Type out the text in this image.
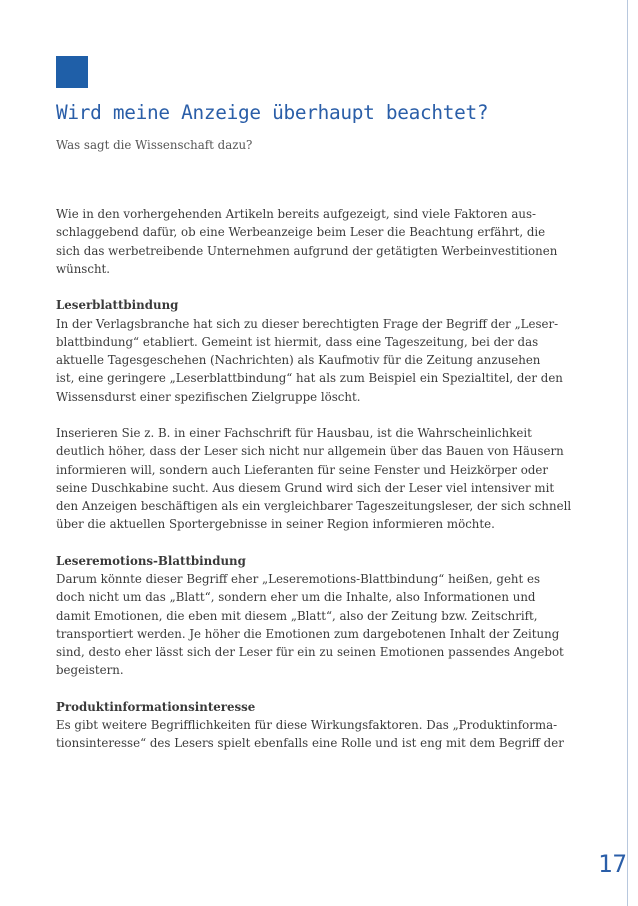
Wird meine Anzeige überhaupt beachtet?
Was sagt die Wissenschaft dazu?
Wie in den vorhergehenden Artikeln bereits aufgezeigt, sind viele Faktoren aus-
schlaggebend dafür, ob eine Werbeanzeige beim Leser die Beachtung erfährt, die
sich das werbetreibende Unternehmen aufgrund der getätigten Werbeinvestitionen
wünscht.
Leserblattbindung
In der Verlagsbranche hat sich zu dieser berechtigten Frage der Begriff der „Leser-
blattbindung“ etabliert. Gemeint ist hiermit, dass eine Tageszeitung, bei der das
aktuelle Tagesgeschehen (Nachrichten) als Kaufmotiv für die Zeitung anzusehen
ist, eine geringere „Leserblattbindung“ hat als zum Beispiel ein Spezialtitel, der den
Wissensdurst einer spezifischen Zielgruppe löscht.
Inserieren Sie z. B. in einer Fachschrift für Hausbau, ist die Wahrscheinlichkeit
deutlich höher, dass der Leser sich nicht nur allgemein über das Bauen von Häusern
informieren will, sondern auch Lieferanten für seine Fenster und Heizkörper oder
seine Duschkabine sucht. Aus diesem Grund wird sich der Leser viel intensiver mit
den Anzeigen beschäftigen als ein vergleichbarer Tageszeitungsleser, der sich schnell
über die aktuellen Sportergebnisse in seiner Region informieren möchte.
Leseremotions-Blattbindung
Darum könnte dieser Begriff eher „Leseremotions-Blattbindung“ heißen, geht es
doch nicht um das „Blatt“, sondern eher um die Inhalte, also Informationen und
damit Emotionen, die eben mit diesem „Blatt“, also der Zeitung bzw. Zeitschrift,
transportiert werden. Je höher die Emotionen zum dargebotenen Inhalt der Zeitung
sind, desto eher lässt sich der Leser für ein zu seinen Emotionen passendes Angebot
begeistern.
Produktinformationsinteresse
Es gibt weitere Begrifflichkeiten für diese Wirkungsfaktoren. Das „Produktinforma-
tionsinteresse“ des Lesers spielt ebenfalls eine Rolle und ist eng mit dem Begriff der
17
